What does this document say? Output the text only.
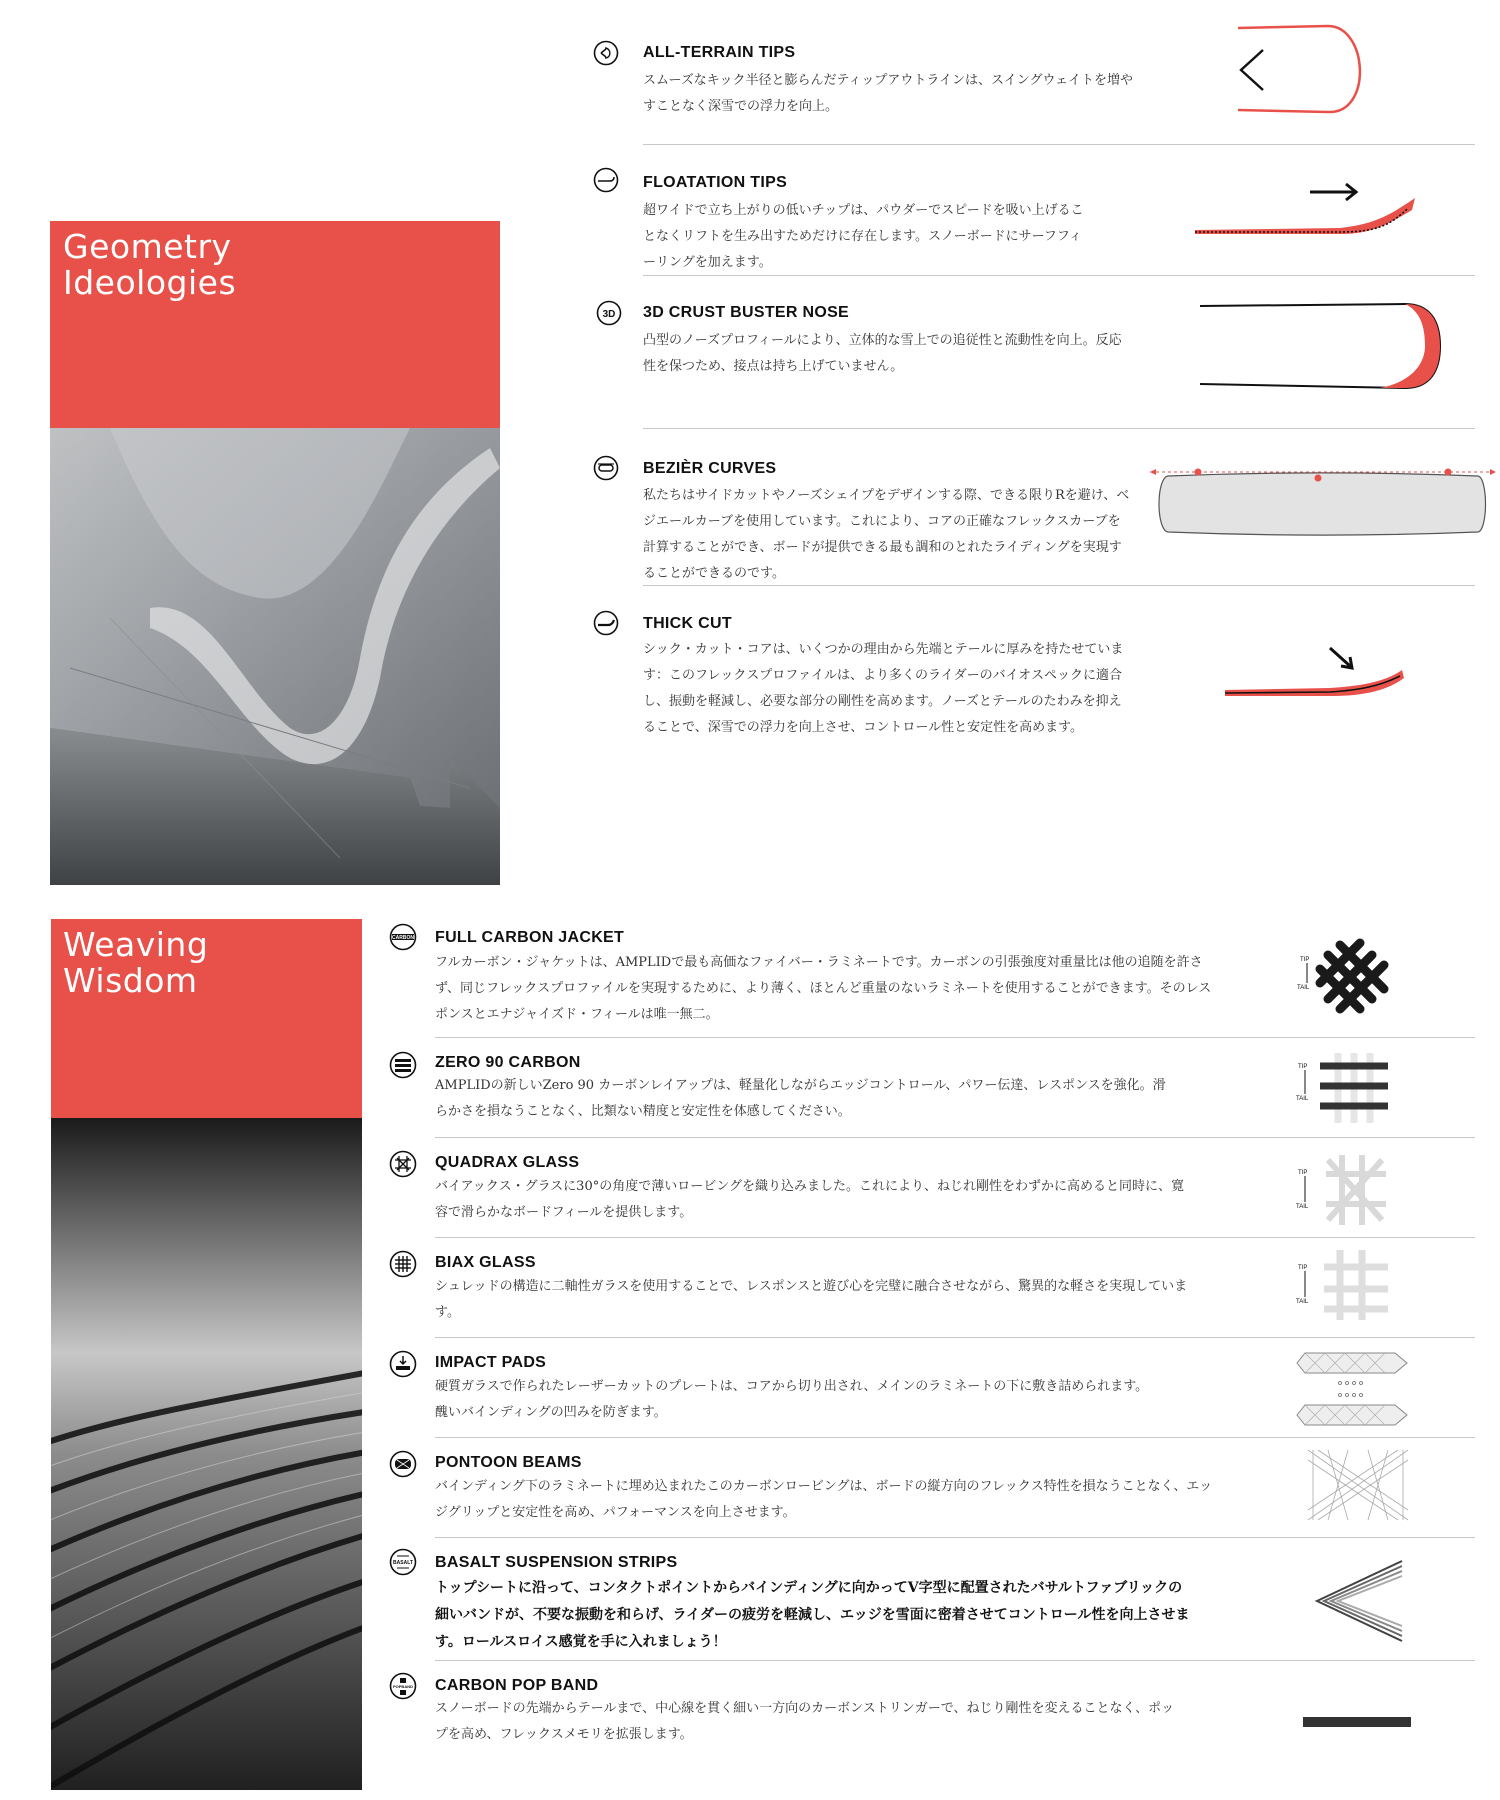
Geometry
Ideologies
ALL-TERRAIN TIPS
スムーズなキック半径と膨らんだティップアウトラインは、スイングウェイトを増やすことなく深雪での浮力を向上。
FLOATATION TIPS
超ワイドで立ち上がりの低いチップは、パウダーでスピードを吸い上げることなくリフトを生み出すためだけに存在します。スノーボードにサーフフィーリングを加えます。
3D 3D CRUST BUSTER NOSE
凸型のノーズプロフィールにより、立体的な雪上での追従性と流動性を向上。反応性を保つため、接点は持ち上げていません。
BEZIÈR CURVES
私たちはサイドカットやノーズシェイプをデザインする際、できる限りRを避け、ベジエールカーブを使用しています。これにより、コアの正確なフレックスカーブを計算することができ、ボードが提供できる最も調和のとれたライディングを実現することができるのです。
THICK CUT
シック・カット・コアは、いくつかの理由から先端とテールに厚みを持たせています：このフレックスプロファイルは、より多くのライダーのバイオスペックに適合し、振動を軽減し、必要な部分の剛性を高めます。ノーズとテールのたわみを抑えることで、深雪での浮力を向上させ、コントロール性と安定性を高めます。
Weaving
Wisdom
CARBON FULL CARBON JACKET
フルカーボン・ジャケットは、AMPLIDで最も高価なファイバー・ラミネートです。カーボンの引張強度対重量比は他の追随を許さず、同じフレックスプロファイルを実現するために、より薄く、ほとんど重量のないラミネートを使用することができます。そのレスポンスとエナジャイズド・フィールは唯一無二。
TIP
TAIL
ZERO 90 CARBON
AMPLIDの新しいZero 90 カーボンレイアップは、軽量化しながらエッジコントロール、パワー伝達、レスポンスを強化。滑らかさを損なうことなく、比類ない精度と安定性を体感してください。
TIP
TAIL
QUADRAX GLASS
バイアックス・グラスに30°の角度で薄いロービングを織り込みました。これにより、ねじれ剛性をわずかに高めると同時に、寛容で滑らかなボードフィールを提供します。
TIP
TAIL
BIAX GLASS
シュレッドの構造に二軸性ガラスを使用することで、レスポンスと遊び心を完璧に融合させながら、驚異的な軽さを実現しています。
TIP
TAIL
IMPACT PADS
硬質ガラスで作られたレーザーカットのプレートは、コアから切り出され、メインのラミネートの下に敷き詰められます。醜いバインディングの凹みを防ぎます。
PONTOON BEAMS
バインディング下のラミネートに埋め込まれたこのカーボンロービングは、ボードの縦方向のフレックス特性を損なうことなく、エッジグリップと安定性を高め、パフォーマンスを向上させます。
BASALT BASALT SUSPENSION STRIPS
トップシートに沿って、コンタクトポイントからバインディングに向かってV字型に配置されたバサルトファブリックの細いバンドが、不要な振動を和らげ、ライダーの疲労を軽減し、エッジを雪面に密着させてコントロール性を向上させます。ロールスロイス感覚を手に入れましょう！
POPBAND CARBON POP BAND
スノーボードの先端からテールまで、中心線を貫く細い一方向のカーボンストリンガーで、ねじり剛性を変えることなく、ポップを高め、フレックスメモリを拡張します。
